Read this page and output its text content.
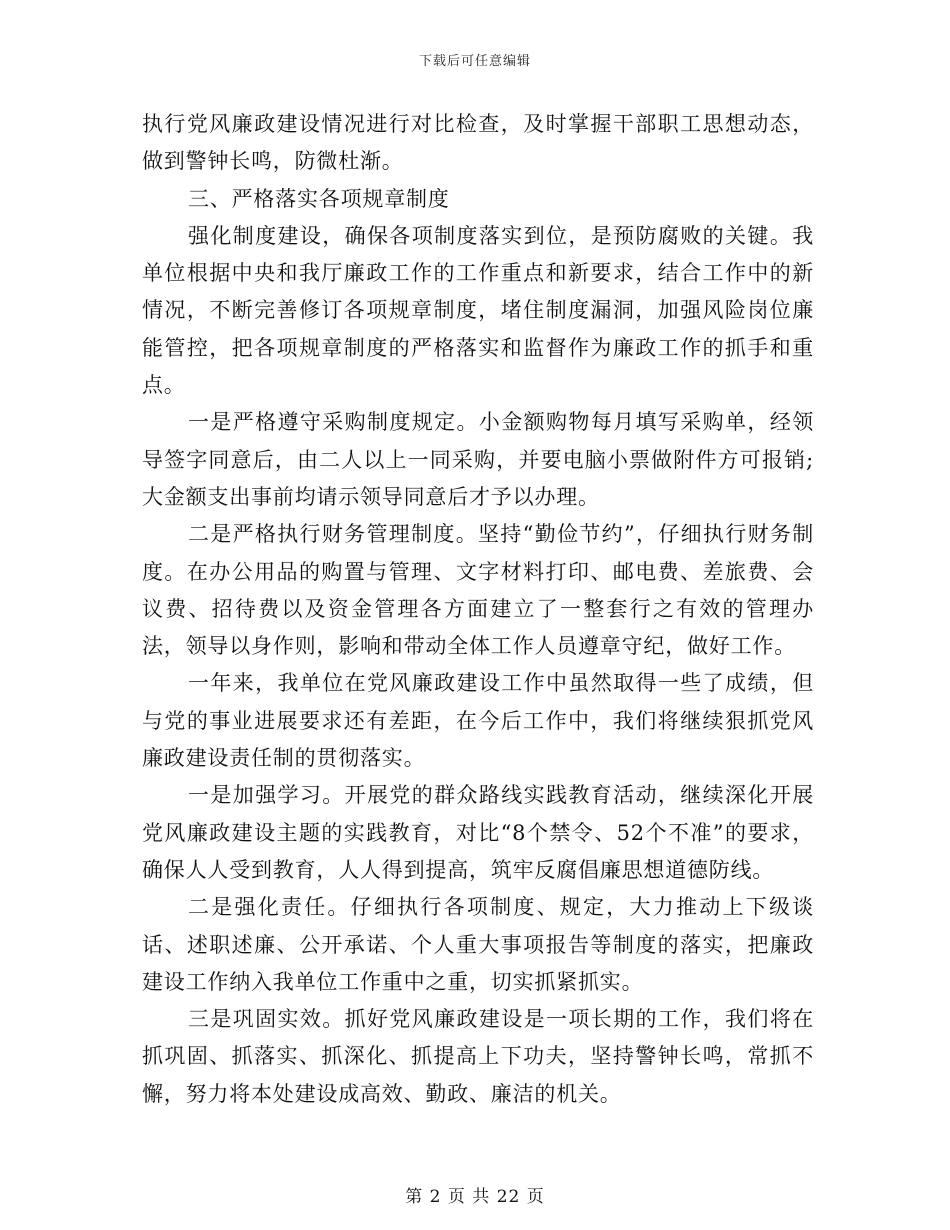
下载后可任意编辑

执行党风廉政建设情况进行对比检查，及时掌握干部职工思想动态，做到警钟长鸣，防微杜渐。

三、严格落实各项规章制度

强化制度建设，确保各项制度落实到位，是预防腐败的关键。我单位根据中央和我厅廉政工作的工作重点和新要求，结合工作中的新情况，不断完善修订各项规章制度，堵住制度漏洞，加强风险岗位廉能管控，把各项规章制度的严格落实和监督作为廉政工作的抓手和重点。

一是严格遵守采购制度规定。小金额购物每月填写采购单，经领导签字同意后，由二人以上一同采购，并要电脑小票做附件方可报销;大金额支出事前均请示领导同意后才予以办理。

二是严格执行财务管理制度。坚持“勤俭节约”，仔细执行财务制度。在办公用品的购置与管理、文字材料打印、邮电费、差旅费、会议费、招待费以及资金管理各方面建立了一整套行之有效的管理办法，领导以身作则，影响和带动全体工作人员遵章守纪，做好工作。

一年来，我单位在党风廉政建设工作中虽然取得一些了成绩，但与党的事业进展要求还有差距，在今后工作中，我们将继续狠抓党风廉政建设责任制的贯彻落实。

一是加强学习。开展党的群众路线实践教育活动，继续深化开展党风廉政建设主题的实践教育，对比“8个禁令、52个不准”的要求，确保人人受到教育，人人得到提高，筑牢反腐倡廉思想道德防线。

二是强化责任。仔细执行各项制度、规定，大力推动上下级谈话、述职述廉、公开承诺、个人重大事项报告等制度的落实，把廉政建设工作纳入我单位工作重中之重，切实抓紧抓实。

三是巩固实效。抓好党风廉政建设是一项长期的工作，我们将在抓巩固、抓落实、抓深化、抓提高上下功夫，坚持警钟长鸣，常抓不懈，努力将本处建设成高效、勤政、廉洁的机关。

第 2 页 共 22 页
